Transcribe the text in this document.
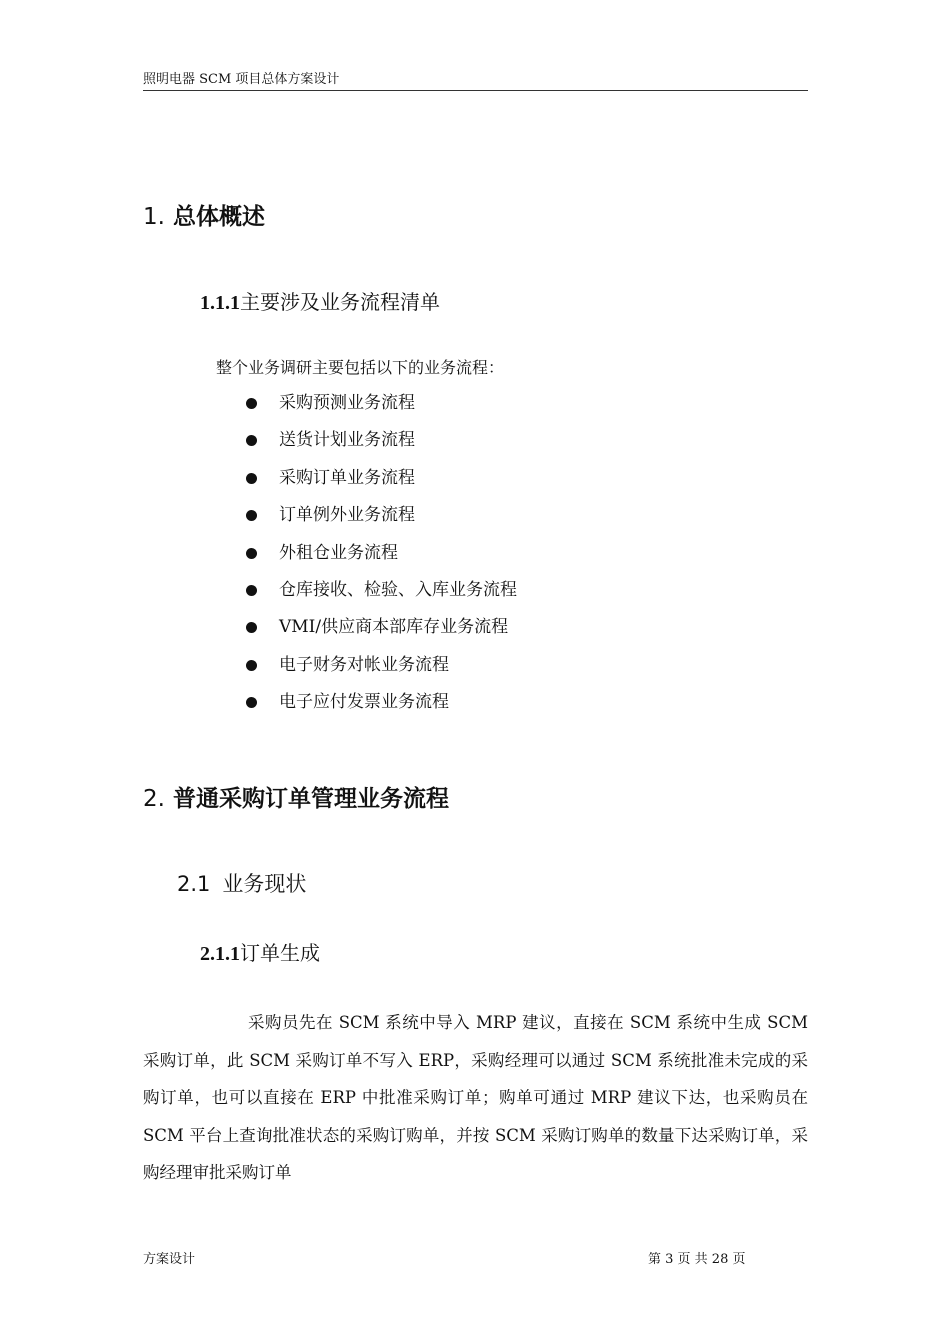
照明电器 SCM 项目总体方案设计
1. 总体概述
1.1.1主要涉及业务流程清单
整个业务调研主要包括以下的业务流程：
采购预测业务流程
送货计划业务流程
采购订单业务流程
订单例外业务流程
外租仓业务流程
仓库接收、检验、入库业务流程
VMI/供应商本部库存业务流程
电子财务对帐业务流程
电子应付发票业务流程
2. 普通采购订单管理业务流程
2.1 业务现状
2.1.1订单生成
采购员先在 SCM 系统中导入 MRP 建议，直接在 SCM 系统中生成 SCM 采购订单，此 SCM 采购订单不写入 ERP，采购经理可以通过 SCM 系统批准未完成的采购订单，也可以直接在 ERP 中批准采购订单；购单可通过 MRP 建议下达，也采购员在 SCM 平台上查询批准状态的采购订购单，并按 SCM 采购订购单的数量下达采购订单，采购经理审批采购订单
方案设计	第 3 页 共 28 页
